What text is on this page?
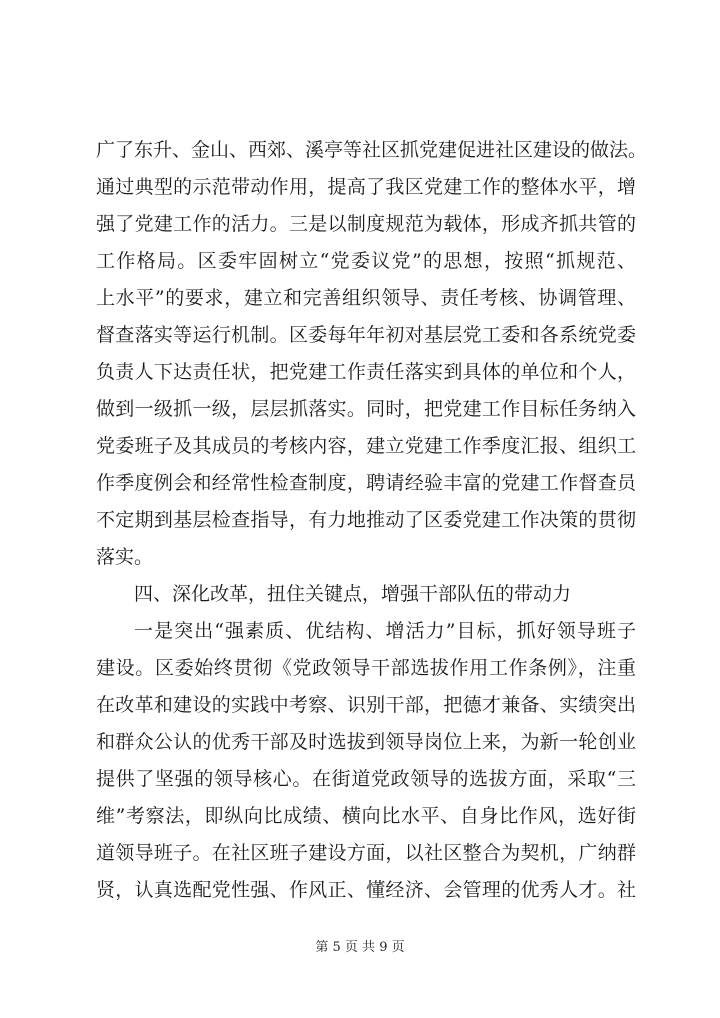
广了东升、金山、西郊、溪亭等社区抓党建促进社区建设的做法。
通过典型的示范带动作用，提高了我区党建工作的整体水平，增
强了党建工作的活力。三是以制度规范为载体，形成齐抓共管的
工作格局。区委牢固树立“党委议党”的思想，按照“抓规范、
上水平”的要求，建立和完善组织领导、责任考核、协调管理、
督查落实等运行机制。区委每年年初对基层党工委和各系统党委
负责人下达责任状，把党建工作责任落实到具体的单位和个人，
做到一级抓一级，层层抓落实。同时，把党建工作目标任务纳入
党委班子及其成员的考核内容，建立党建工作季度汇报、组织工
作季度例会和经常性检查制度，聘请经验丰富的党建工作督查员
不定期到基层检查指导，有力地推动了区委党建工作决策的贯彻
落实。
四、深化改革，扭住关键点，增强干部队伍的带动力
一是突出“强素质、优结构、增活力”目标，抓好领导班子
建设。区委始终贯彻《党政领导干部选拔作用工作条例》，注重
在改革和建设的实践中考察、识别干部，把德才兼备、实绩突出
和群众公认的优秀干部及时选拔到领导岗位上来，为新一轮创业
提供了坚强的领导核心。在街道党政领导的选拔方面，采取“三
维”考察法，即纵向比成绩、横向比水平、自身比作风，选好街
道领导班子。在社区班子建设方面，以社区整合为契机，广纳群
贤，认真选配党性强、作风正、懂经济、会管理的优秀人才。社
第 5 页 共 9 页
